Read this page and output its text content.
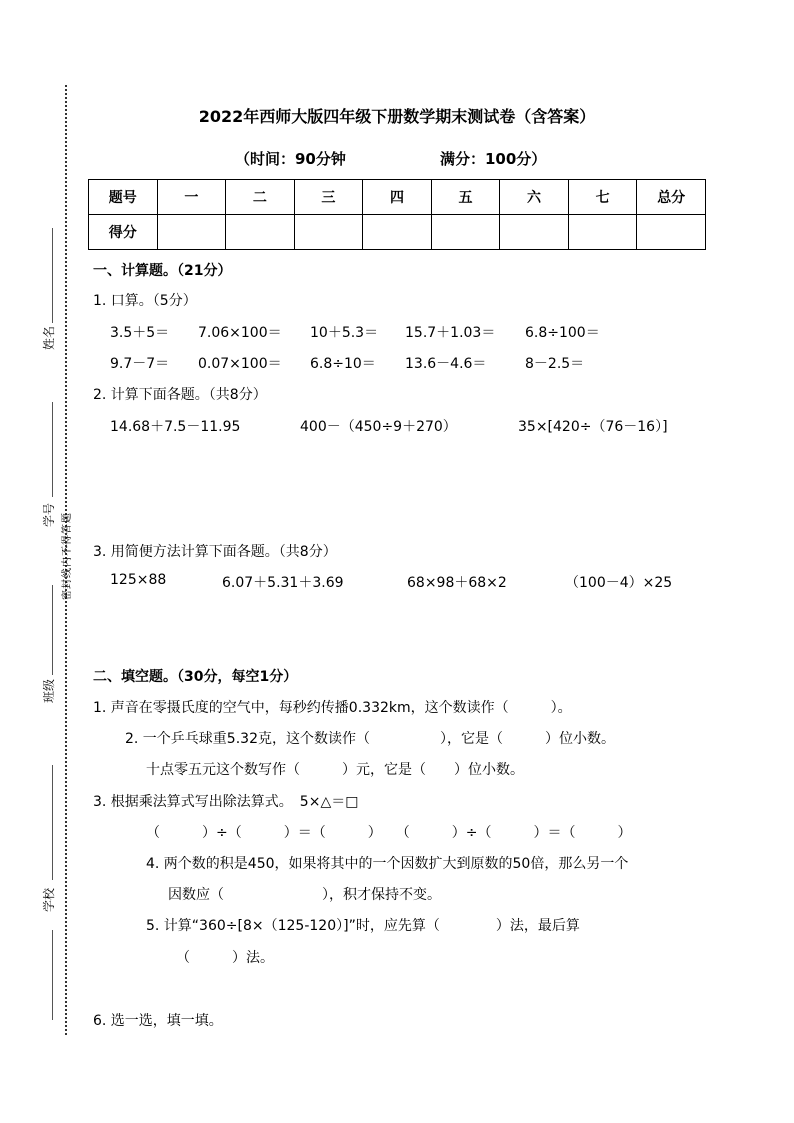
姓名
学号 密封线内不得答题
班级
学校
2022年西师大版四年级下册数学期末测试卷（含答案）
（时间：90分钟	满分：100分）
题号	一	二	三	四	五	六	七	总分
得分								
一、计算题。（21分）
1. 口算。（5分）
3.5＋5＝ 7.06×100＝ 10＋5.3＝ 15.7＋1.03＝ 6.8÷100＝
9.7－7＝ 0.07×100＝ 6.8÷10＝ 13.6－4.6＝	8－2.5＝
2. 计算下面各题。（共8分）
14.68＋7.5－11.95	400－（450÷9＋270）	35×[420÷（76－16）]
3. 用简便方法计算下面各题。（共8分）
125×88	6.07＋5.31＋3.69	68×98＋68×2	（100－4）×25
二、填空题。（30分，每空1分）
1. 声音在零摄氏度的空气中，每秒约传播0.332km，这个数读作（　　　）。
2. 一个乒乓球重5.32克，这个数读作（　　　　　），它是（　　　）位小数。
十点零五元这个数写作（　　　）元，它是（　　）位小数。
3. 根据乘法算式写出除法算式。　5×△＝□
（　　　）÷（　　　）＝（　　　）　　（　　　）÷（　　　）＝（　　　）
4. 两个数的积是450，如果将其中的一个因数扩大到原数的50倍，那么另一个
因数应（　　　　　　　），积才保持不变。
5. 计算“360÷[8×（125-120）]”时，应先算（　　　　）法，最后算
（　　　）法。
6. 选一选，填一填。
